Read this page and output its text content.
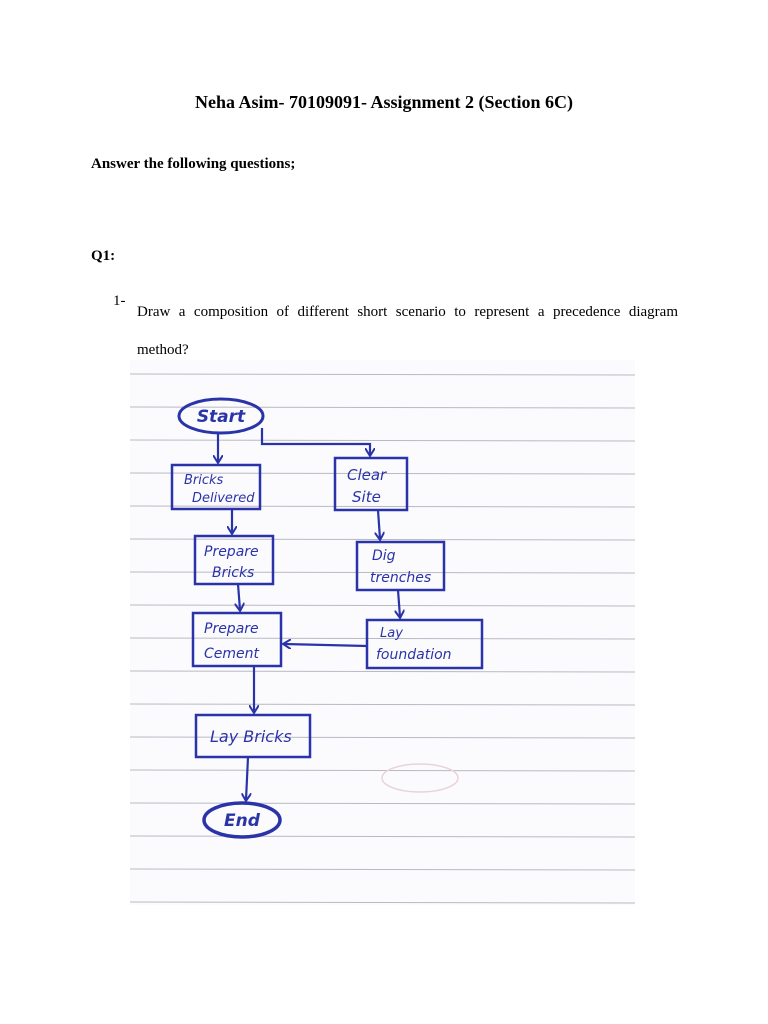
Neha Asim- 70109091- Assignment 2 (Section 6C)
Answer the following questions;
Q1:
1-
Draw a composition of different short scenario to represent a precedence diagram method?
Start
Bricks
Delivered
Clear
Site
Prepare
Bricks
Dig
trenches
Prepare
Cement
Lay
foundation
Lay Bricks
End
